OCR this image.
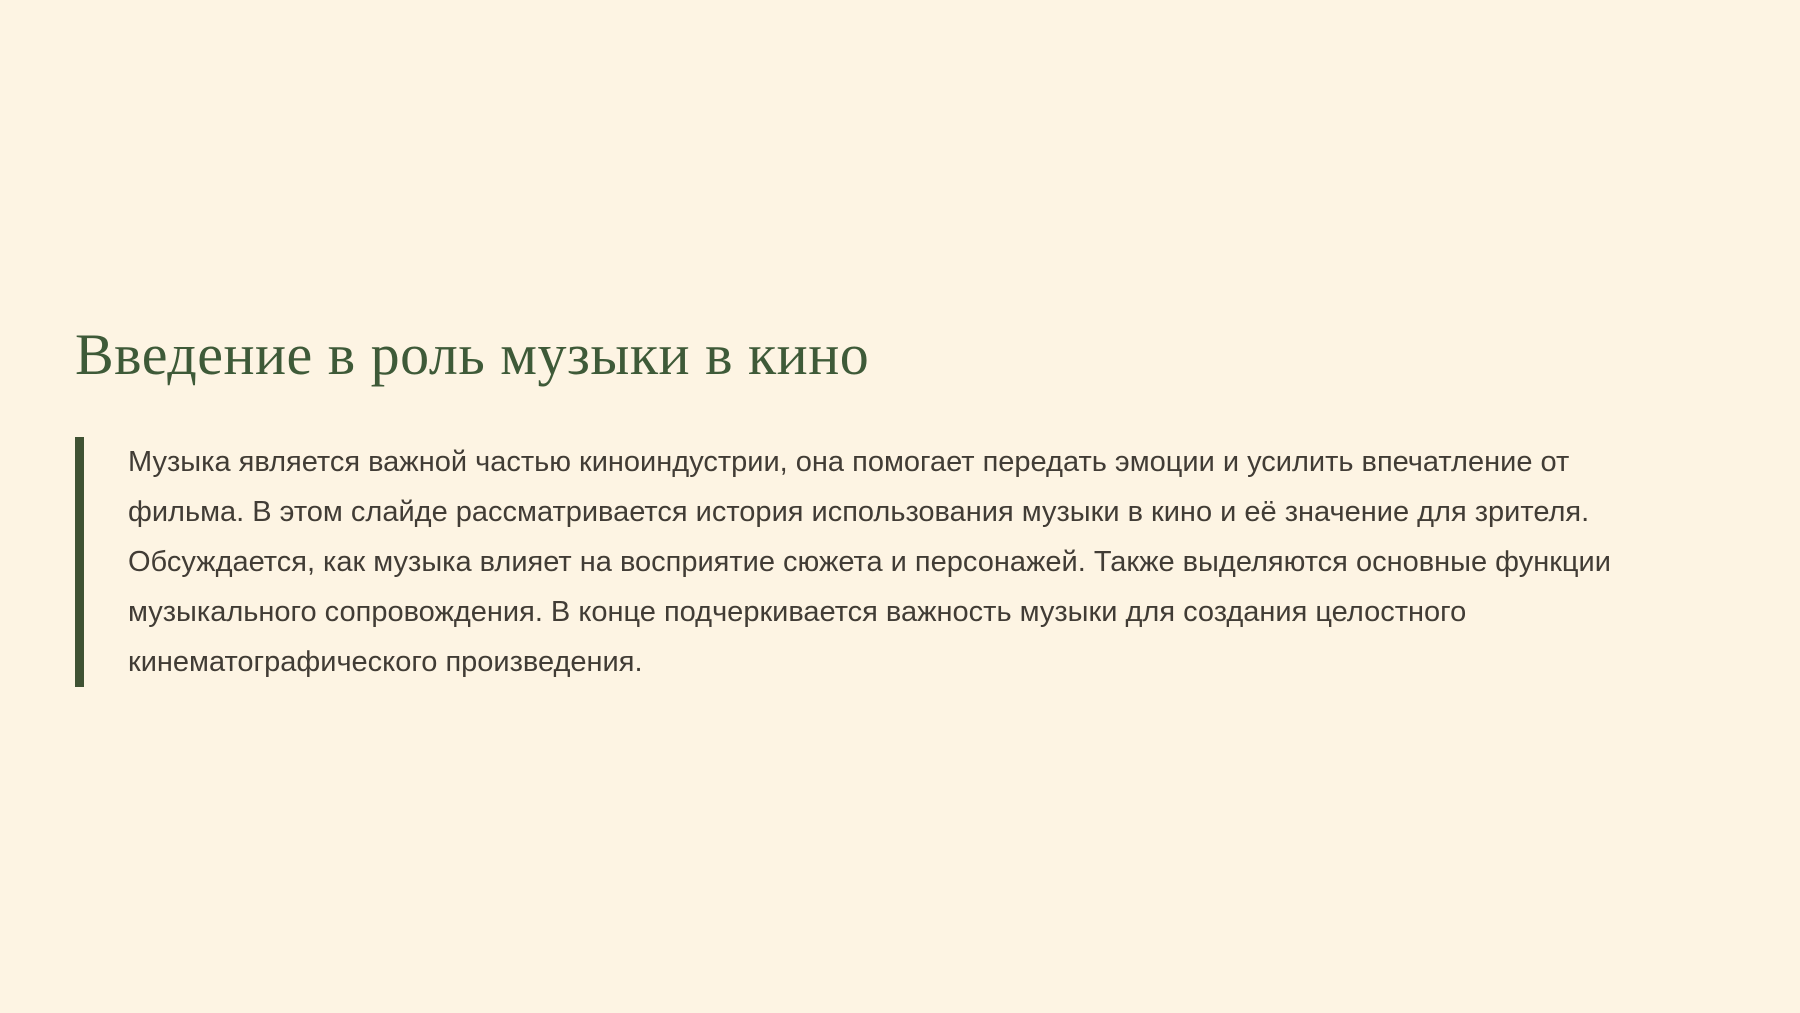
Введение в роль музыки в кино

Музыка является важной частью киноиндустрии, она помогает передать эмоции и усилить впечатление от фильма. В этом слайде рассматривается история использования музыки в кино и её значение для зрителя. Обсуждается, как музыка влияет на восприятие сюжета и персонажей. Также выделяются основные функции музыкального сопровождения. В конце подчеркивается важность музыки для создания целостного кинематографического произведения.
